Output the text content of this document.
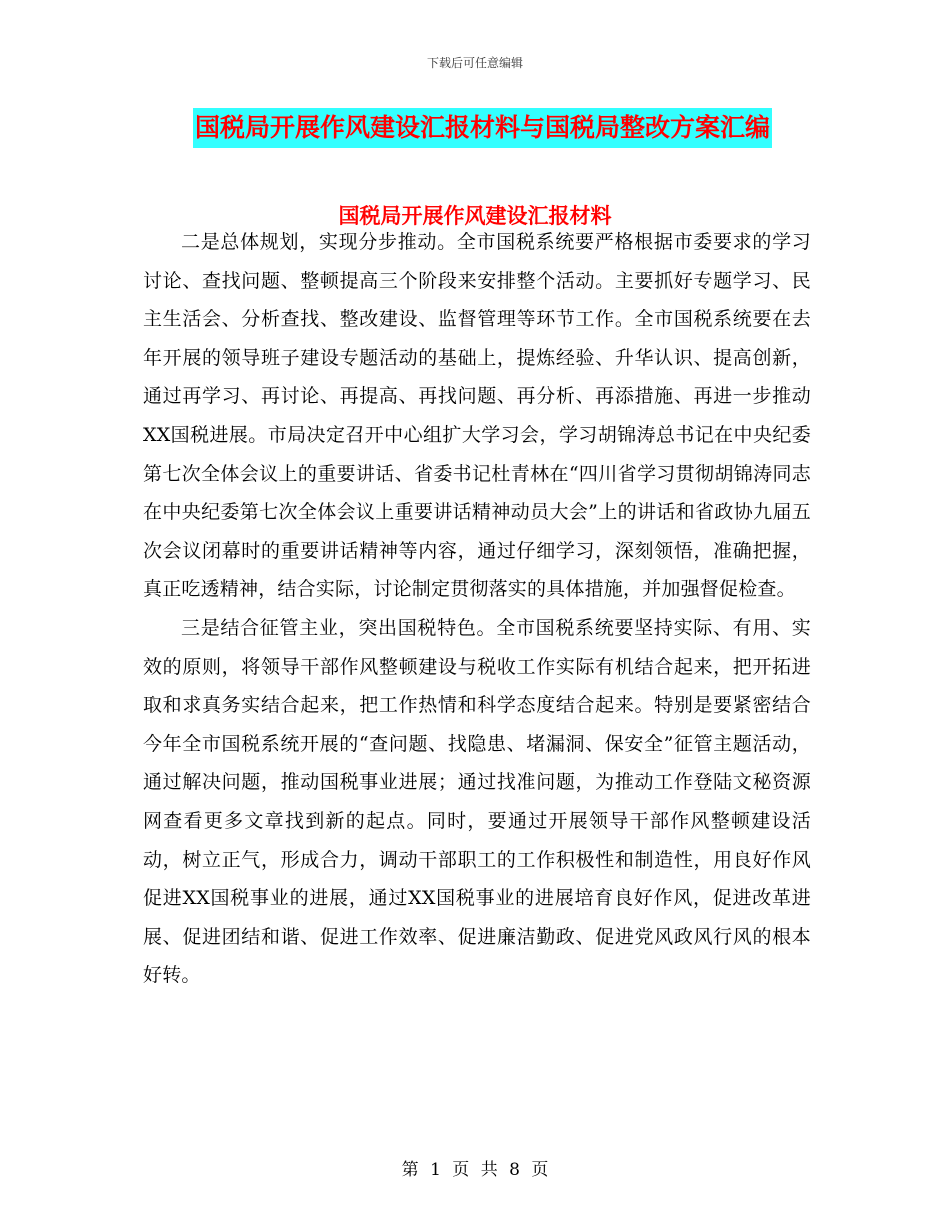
下载后可任意编辑
国税局开展作风建设汇报材料与国税局整改方案汇编
国税局开展作风建设汇报材料

二是总体规划，实现分步推动。全市国税系统要严格根据市委要求的学习讨论、查找问题、整顿提高三个阶段来安排整个活动。主要抓好专题学习、民主生活会、分析查找、整改建设、监督管理等环节工作。全市国税系统要在去年开展的领导班子建设专题活动的基础上，提炼经验、升华认识、提高创新，通过再学习、再讨论、再提高、再找问题、再分析、再添措施、再进一步推动XX国税进展。市局决定召开中心组扩大学习会，学习胡锦涛总书记在中央纪委第七次全体会议上的重要讲话、省委书记杜青林在“四川省学习贯彻胡锦涛同志在中央纪委第七次全体会议上重要讲话精神动员大会”上的讲话和省政协九届五次会议闭幕时的重要讲话精神等内容，通过仔细学习，深刻领悟，准确把握，真正吃透精神，结合实际，讨论制定贯彻落实的具体措施，并加强督促检查。

三是结合征管主业，突出国税特色。全市国税系统要坚持实际、有用、实效的原则，将领导干部作风整顿建设与税收工作实际有机结合起来，把开拓进取和求真务实结合起来，把工作热情和科学态度结合起来。特别是要紧密结合今年全市国税系统开展的“查问题、找隐患、堵漏洞、保安全”征管主题活动，通过解决问题，推动国税事业进展；通过找准问题，为推动工作登陆文秘资源网查看更多文章找到新的起点。同时，要通过开展领导干部作风整顿建设活动，树立正气，形成合力，调动干部职工的工作积极性和制造性，用良好作风促进XX国税事业的进展，通过XX国税事业的进展培育良好作风，促进改革进展、促进团结和谐、促进工作效率、促进廉洁勤政、促进党风政风行风的根本好转。

第 1 页 共 8 页
